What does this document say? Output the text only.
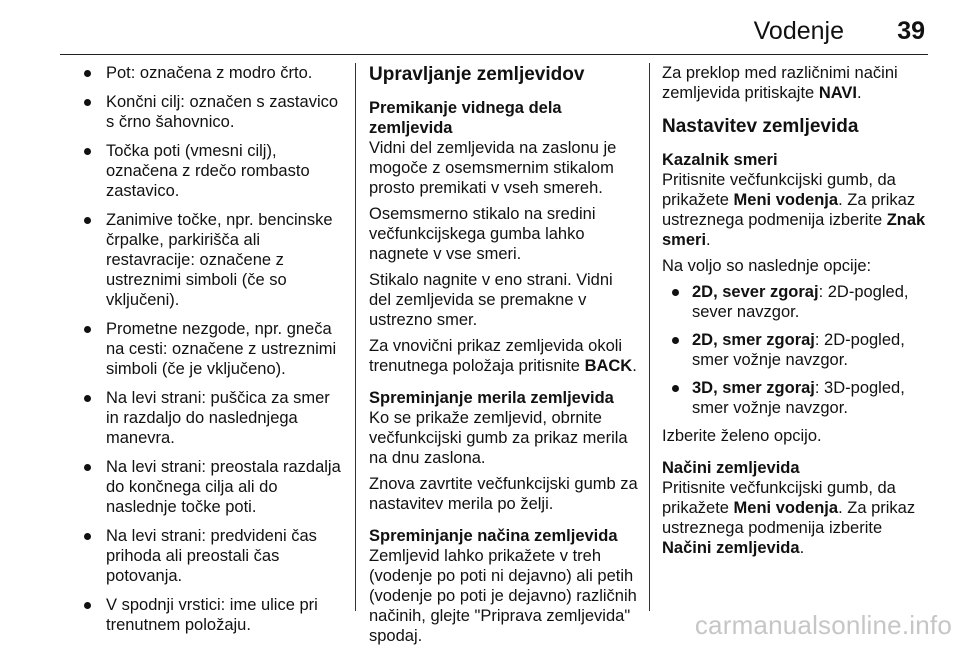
Vodenje 39
Pot: označena z modro črto.
Končni cilj: označen s zastavico s črno šahovnico.
Točka poti (vmesni cilj), označena z rdečo rombasto zastavico.
Zanimive točke, npr. bencinske črpalke, parkirišča ali restavracije: označene z ustreznimi simboli (če so vključeni).
Prometne nezgode, npr. gneča na cesti: označene z ustreznimi simboli (če je vključeno).
Na levi strani: puščica za smer in razdaljo do naslednjega manevra.
Na levi strani: preostala razdalja do končnega cilja ali do naslednje točke poti.
Na levi strani: predvideni čas prihoda ali preostali čas potovanja.
V spodnji vrstici: ime ulice pri trenutnem položaju.
Upravljanje zemljevidov
Premikanje vidnega dela zemljevida

Vidni del zemljevida na zaslonu je mogoče z osemsmernim stikalom prosto premikati v vseh smereh.

Osemsmerno stikalo na sredini večfunkcijskega gumba lahko nagnete v vse smeri.

Stikalo nagnite v eno strani. Vidni del zemljevida se premakne v ustrezno smer.

Za vnovični prikaz zemljevida okoli trenutnega položaja pritisnite BACK.

Spreminjanje merila zemljevida

Ko se prikaže zemljevid, obrnite večfunkcijski gumb za prikaz merila na dnu zaslona.

Znova zavrtite večfunkcijski gumb za nastavitev merila po želji.

Spreminjanje načina zemljevida

Zemljevid lahko prikažete v treh (vodenje po poti ni dejavno) ali petih (vodenje po poti je dejavno) različnih načinih, glejte "Priprava zemljevida" spodaj.

Za preklop med različnimi načini zemljevida pritiskajte NAVI.

Nastavitev zemljevida
Kazalnik smeri

Pritisnite večfunkcijski gumb, da prikažete Meni vodenja. Za prikaz ustreznega podmenija izberite Znak smeri.

Na voljo so naslednje opcije:

2D, sever zgoraj: 2D-pogled, sever navzgor.
2D, smer zgoraj: 2D-pogled, smer vožnje navzgor.
3D, smer zgoraj: 3D-pogled, smer vožnje navzgor.

Izberite želeno opcijo.

Načini zemljevida

Pritisnite večfunkcijski gumb, da prikažete Meni vodenja. Za prikaz ustreznega podmenija izberite Načini zemljevida.

carmanualsonline.info
